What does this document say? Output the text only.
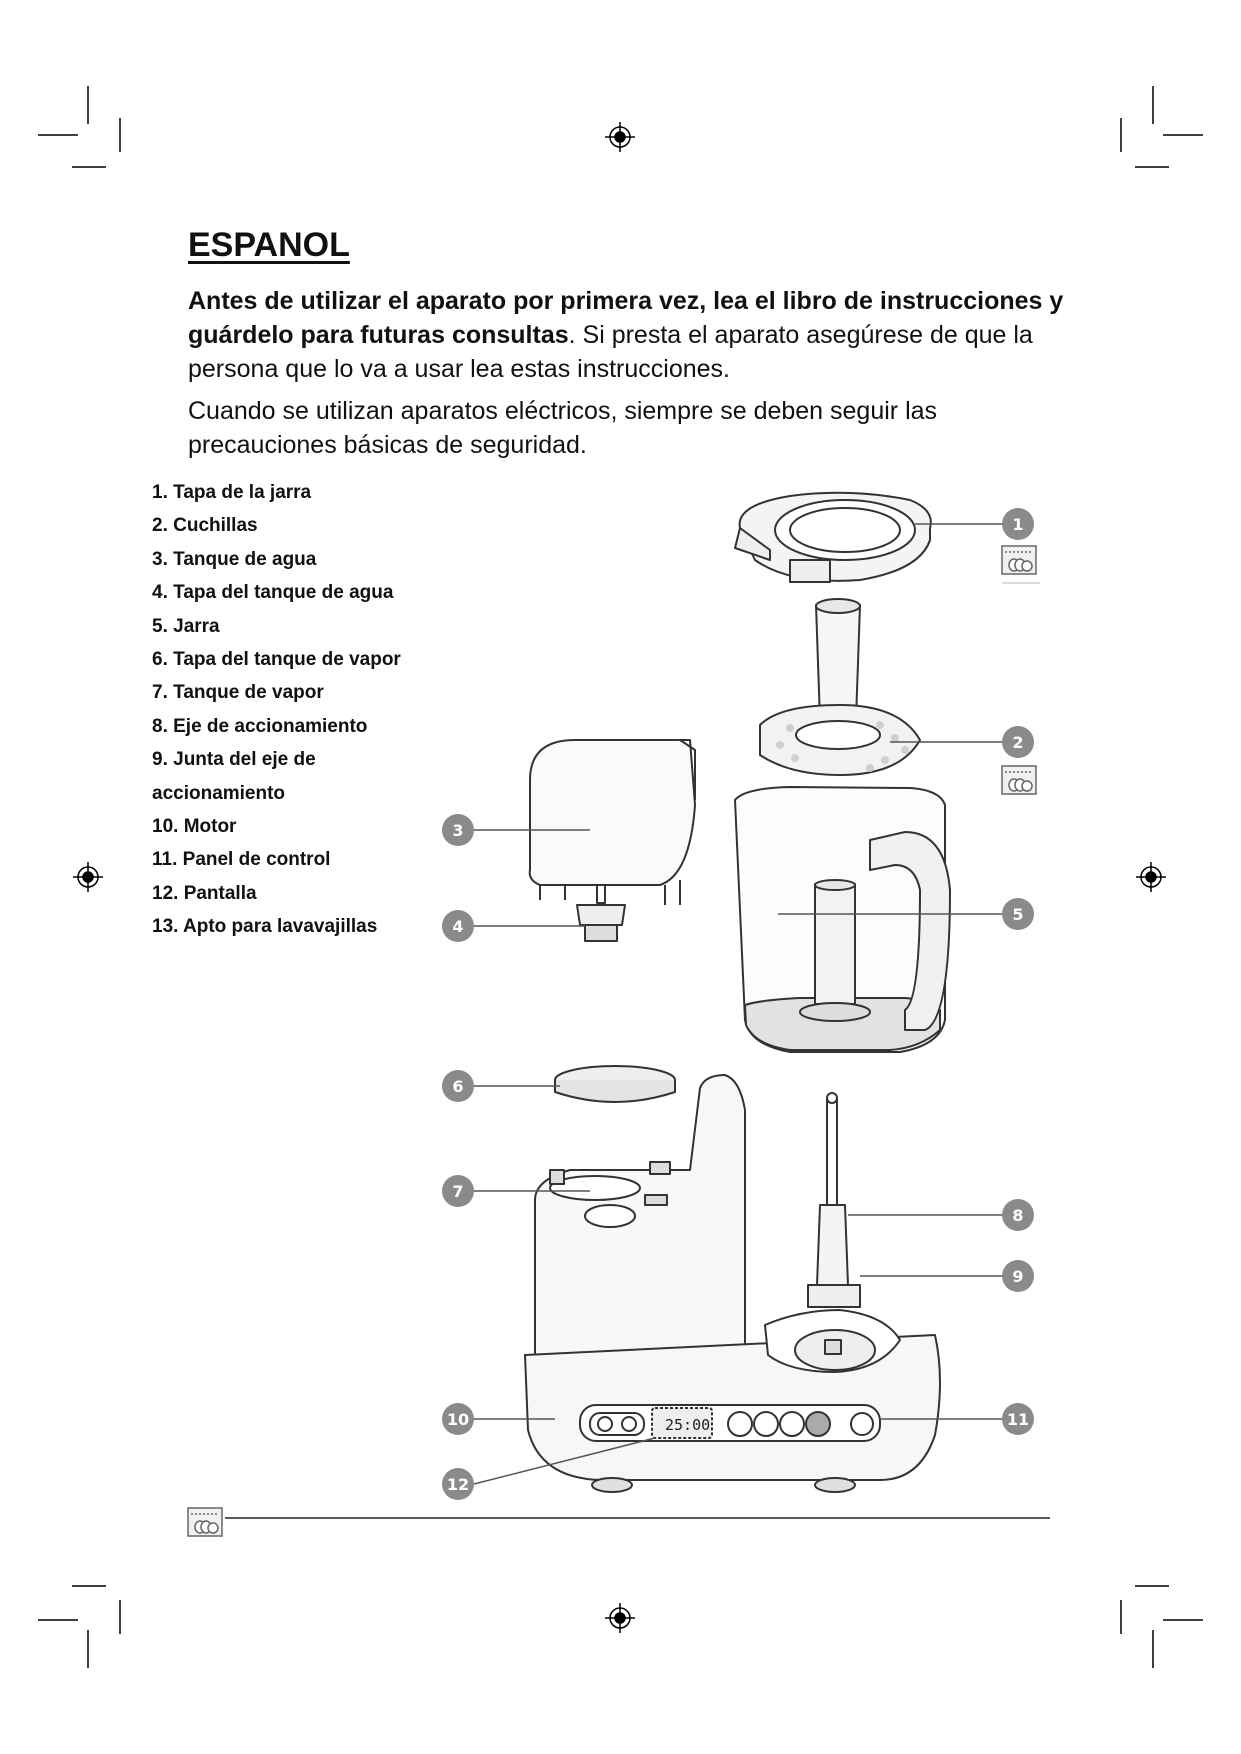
ESPANOL

Antes de utilizar el aparato por primera vez, lea el libro de instrucciones y guárdelo para futuras consultas. Si presta el aparato asegúrese de que la persona que lo va a usar lea estas instrucciones.

Cuando se utilizan aparatos eléctricos, siempre se deben seguir las precauciones básicas de seguridad.

1. Tapa de la jarra
2. Cuchillas
3. Tanque de agua
4. Tapa del tanque de agua
5. Jarra
6. Tapa del tanque de vapor
7. Tanque de vapor
8. Eje de accionamiento
9. Junta del eje de accionamiento
10. Motor
11. Panel de control
12. Pantalla
13. Apto para lavavajillas
25:00
1
2
3
4
5
6
7
8
9
10	11
12
